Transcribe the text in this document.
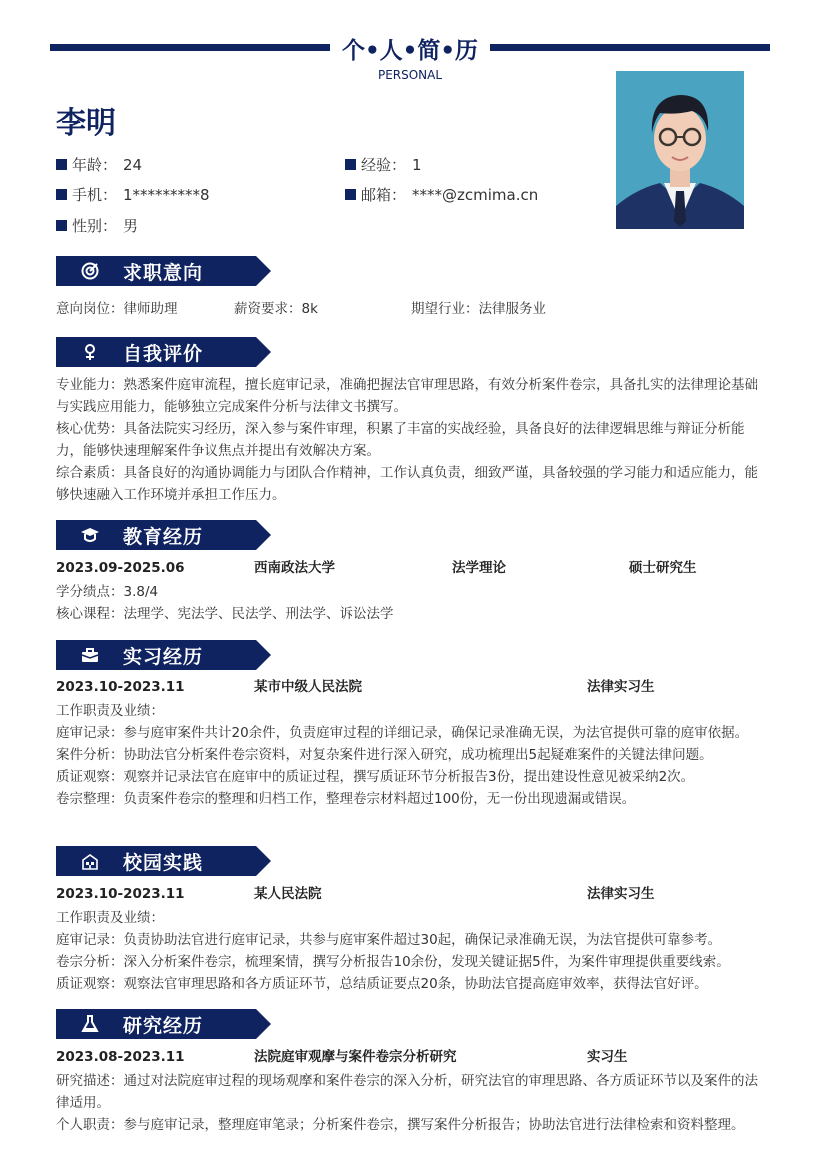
个•人•简•历
PERSONAL
李明
年龄： 24	经验： 1
手机： 1*********8	邮箱： ****@zcmima.cn
性别： 男
求职意向
意向岗位：律师助理	薪资要求：8k	期望行业：法律服务业
自我评价
专业能力：熟悉案件庭审流程，擅长庭审记录，准确把握法官审理思路，有效分析案件卷宗，具备扎实的法律理论基础与实践应用能力，能够独立完成案件分析与法律文书撰写。
核心优势：具备法院实习经历，深入参与案件审理，积累了丰富的实战经验，具备良好的法律逻辑思维与辩证分析能力，能够快速理解案件争议焦点并提出有效解决方案。
综合素质：具备良好的沟通协调能力与团队合作精神，工作认真负责，细致严谨，具备较强的学习能力和适应能力，能够快速融入工作环境并承担工作压力。
教育经历
2023.09-2025.06	西南政法大学	法学理论	硕士研究生
学分绩点：3.8/4
核心课程：法理学、宪法学、民法学、刑法学、诉讼法学
实习经历
2023.10-2023.11	某市中级人民法院	法律实习生
工作职责及业绩：
庭审记录：参与庭审案件共计20余件，负责庭审过程的详细记录，确保记录准确无误，为法官提供可靠的庭审依据。
案件分析：协助法官分析案件卷宗资料，对复杂案件进行深入研究，成功梳理出5起疑难案件的关键法律问题。
质证观察：观察并记录法官在庭审中的质证过程，撰写质证环节分析报告3份，提出建设性意见被采纳2次。
卷宗整理：负责案件卷宗的整理和归档工作，整理卷宗材料超过100份，无一份出现遗漏或错误。
校园实践
2023.10-2023.11	某人民法院	法律实习生
工作职责及业绩：
庭审记录：负责协助法官进行庭审记录，共参与庭审案件超过30起，确保记录准确无误，为法官提供可靠参考。
卷宗分析：深入分析案件卷宗，梳理案情，撰写分析报告10余份，发现关键证据5件，为案件审理提供重要线索。
质证观察：观察法官审理思路和各方质证环节，总结质证要点20条，协助法官提高庭审效率，获得法官好评。
研究经历
2023.08-2023.11	法院庭审观摩与案件卷宗分析研究	实习生
研究描述：通过对法院庭审过程的现场观摩和案件卷宗的深入分析，研究法官的审理思路、各方质证环节以及案件的法律适用。
个人职责：参与庭审记录，整理庭审笔录；分析案件卷宗，撰写案件分析报告；协助法官进行法律检索和资料整理。
